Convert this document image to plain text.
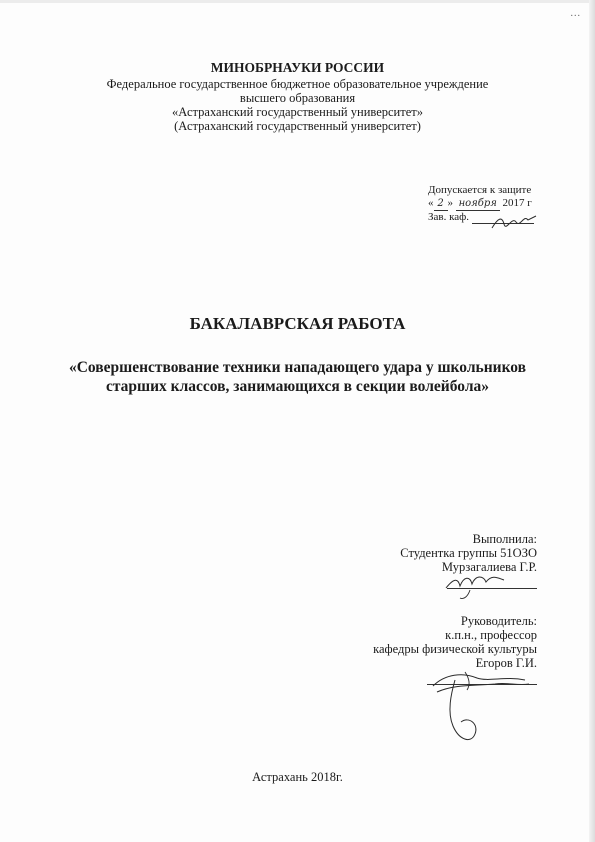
...
МИНОБРНАУКИ РОССИИ
Федеральное государственное бюджетное образовательное учреждение
высшего образования
«Астраханский государственный университет»
(Астраханский государственный университет)
Допускается к защите
« 2 » ноября 2017 г
Зав. каф.
БАКАЛАВРСКАЯ РАБОТА
«Совершенствование техники нападающего удара у школьников старших классов, занимающихся в секции волейбола»
Выполнила:
Студентка группы 51ОЗО
Мурзагалиева Г.Р.
Руководитель:
к.п.н., профессор
кафедры физической культуры
Егоров Г.И.
Астрахань 2018г.
